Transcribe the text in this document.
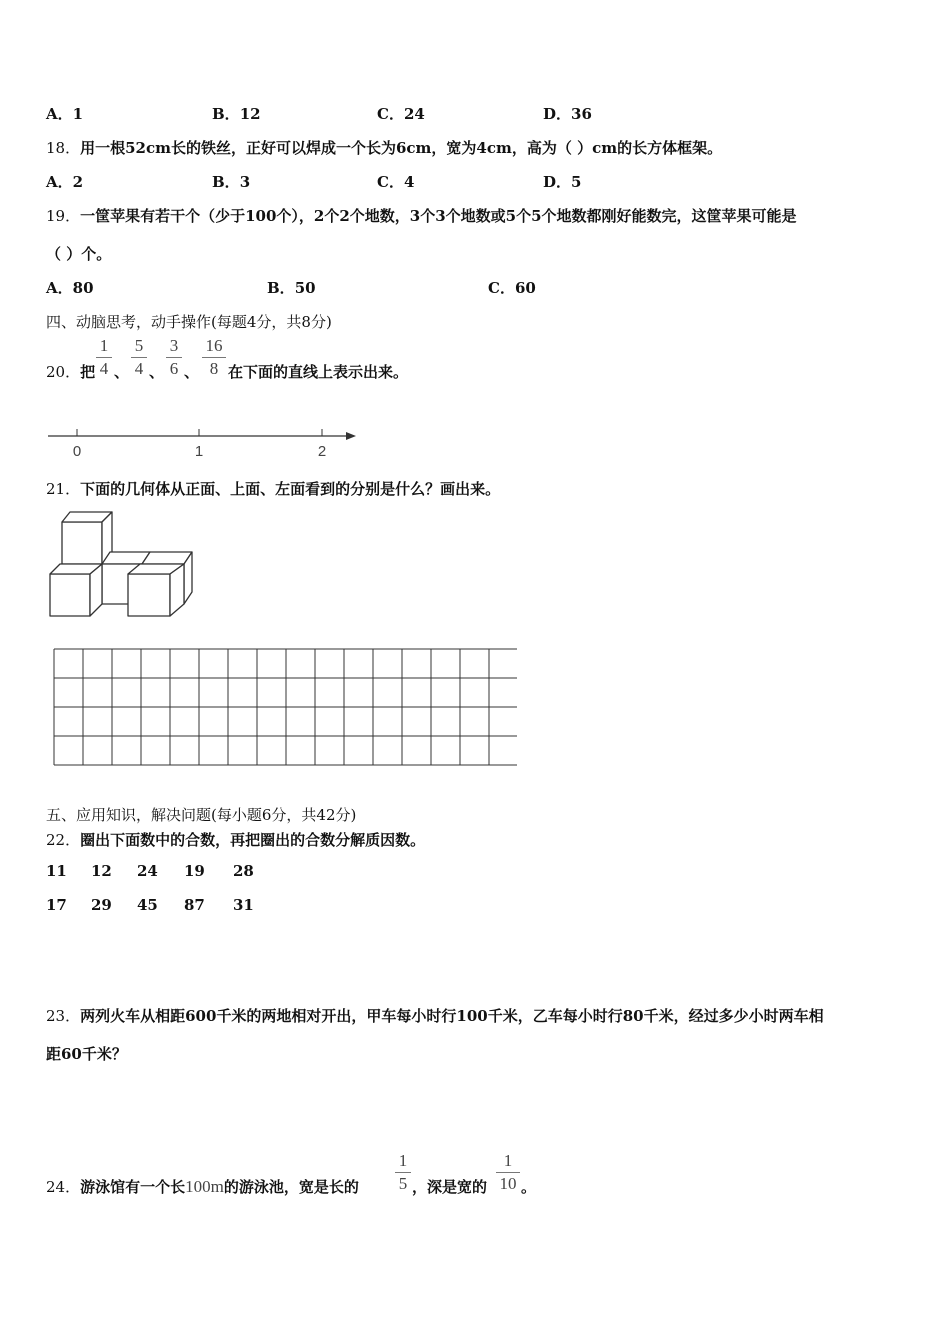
A．1	B．12	C．24	D．36
18．用一根52cm长的铁丝，正好可以焊成一个长为6cm，宽为4cm，高为（ ）cm的长方体框架。
A．2	B．3	C．4	D．5
19．一筐苹果有若干个（少于100个），2个2个地数，3个3个地数或5个5个地数都刚好能数完，这筐苹果可能是
（ ）个。
A．80	B．50	C．60
四、动脑思考，动手操作(每题4分，共8分)
20．把
1
4 、
5
4 、
3
6 、
16
8 在下面的直线上表示出来。
0	1	2
21．下面的几何体从正面、上面、左面看到的分别是什么？画出来。
五、应用知识，解决问题(每小题6分，共42分)
22．圈出下面数中的合数，再把圈出的合数分解质因数。
11 12 24 19 28
17 29 45 87 31
23．两列火车从相距600千米的两地相对开出，甲车每小时行100千米，乙车每小时行80千米，经过多少小时两车相
距60千米？
24．游泳馆有一个长100m的游泳池，宽是长的
1
5 ，深是宽的
1
10 。
